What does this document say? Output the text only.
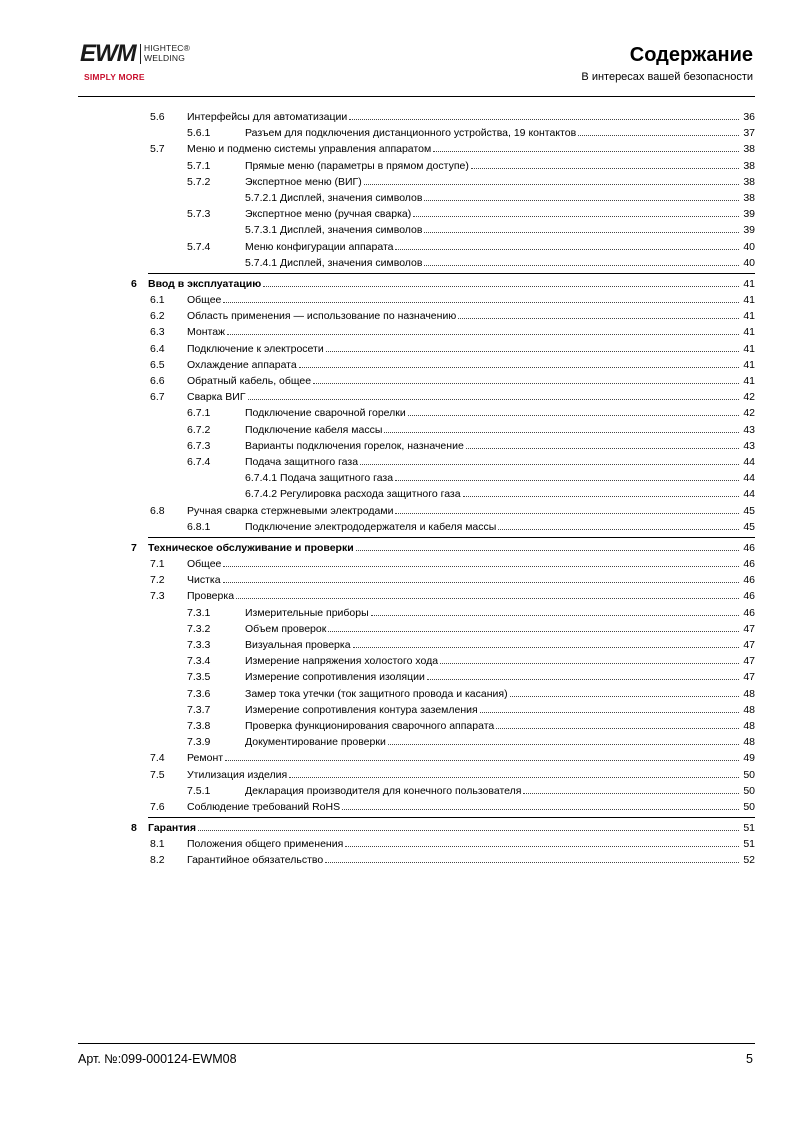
EWM HIGHTEC®
WELDING
SIMPLY MORE
Содержание
В интересах вашей безопасности
5.6 Интерфейсы для автоматизации	36
5.6.1	Разъем для подключения дистанционного устройства, 19 контактов	37
5.7 Меню и подменю системы управления аппаратом	38
5.7.1	Прямые меню (параметры в прямом доступе)	38
5.7.2	Экспертное меню (ВИГ)	38
5.7.2.1 Дисплей, значения символов	38
5.7.3	Экспертное меню (ручная сварка)	39
5.7.3.1 Дисплей, значения символов	39
5.7.4	Меню конфигурации аппарата	40
5.7.4.1 Дисплей, значения символов	40
6 Ввод в эксплуатацию	41
6.1 Общее	41
6.2 Область применения — использование по назначению	41
6.3 Монтаж	41
6.4 Подключение к электросети	41
6.5 Охлаждение аппарата	41
6.6 Обратный кабель, общее	41
6.7 Сварка ВИГ	42
6.7.1	Подключение сварочной горелки	42
6.7.2	Подключение кабеля массы	43
6.7.3	Варианты подключения горелок, назначение	43
6.7.4	Подача защитного газа	44
6.7.4.1 Подача защитного газа	44
6.7.4.2 Регулировка расхода защитного газа	44
6.8 Ручная сварка стержневыми электродами	45
6.8.1	Подключение электрододержателя и кабеля массы	45
7 Техническое обслуживание и проверки	46
7.1 Общее	46
7.2 Чистка	46
7.3 Проверка	46
7.3.1	Измерительные приборы	46
7.3.2	Объем проверок	47
7.3.3	Визуальная проверка	47
7.3.4	Измерение напряжения холостого хода	47
7.3.5	Измерение сопротивления изоляции	47
7.3.6	Замер тока утечки (ток защитного провода и касания)	48
7.3.7	Измерение сопротивления контура заземления	48
7.3.8	Проверка функционирования сварочного аппарата	48
7.3.9	Документирование проверки	48
7.4 Ремонт	49
7.5 Утилизация изделия	50
7.5.1	Декларация производителя для конечного пользователя	50
7.6 Соблюдение требований RoHS	50
8 Гарантия	51
8.1 Положения общего применения	51
8.2 Гарантийное обязательство	52
Арт. №:099-000124-EWM08	5
